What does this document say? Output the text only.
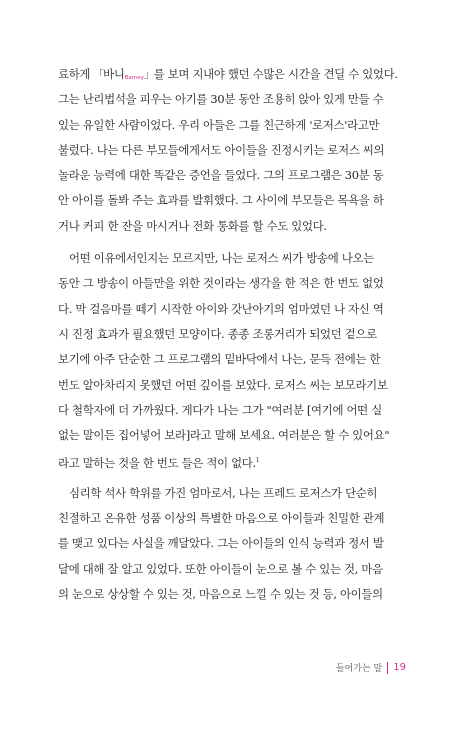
료하게 「바니Barney」를 보며 지내야 했던 수많은 시간을 견딜 수 있었다.
그는 난리법석을 피우는 아기를 30분 동안 조용히 앉아 있게 만들 수
있는 유일한 사람이었다. 우리 아들은 그를 친근하게 '로저스'라고만
불렀다. 나는 다른 부모들에게서도 아이들을 진정시키는 로저스 씨의
놀라운 능력에 대한 똑같은 증언을 들었다. 그의 프로그램은 30분 동
안 아이를 돌봐 주는 효과를 발휘했다. 그 사이에 부모들은 목욕을 하
거나 커피 한 잔을 마시거나 전화 통화를 할 수도 있었다.
어떤 이유에서인지는 모르지만, 나는 로저스 씨가 방송에 나오는
동안 그 방송이 아들만을 위한 것이라는 생각을 한 적은 한 번도 없었
다. 막 걸음마를 떼기 시작한 아이와 갓난아기의 엄마였던 나 자신 역
시 진정 효과가 필요했던 모양이다. 종종 조롱거리가 되었던 겉으로
보기에 아주 단순한 그 프로그램의 밑바닥에서 나는, 문득 전에는 한
번도 알아차리지 못했던 어떤 깊이를 보았다. 로저스 씨는 보모라기보
다 철학자에 더 가까웠다. 게다가 나는 그가 "여러분 [여기에 어떤 실
없는 말이든 집어넣어 보라]라고 말해 보세요. 여러분은 할 수 있어요"
라고 말하는 것을 한 번도 들은 적이 없다.$^1$
심리학 석사 학위를 가진 엄마로서, 나는 프레드 로저스가 단순히
친절하고 온유한 성품 이상의 특별한 마음으로 아이들과 친밀한 관계
를 맺고 있다는 사실을 깨달았다. 그는 아이들의 인식 능력과 정서 발
달에 대해 잘 알고 있었다. 또한 아이들이 눈으로 볼 수 있는 것, 마음
의 눈으로 상상할 수 있는 것, 마음으로 느낄 수 있는 것 등, 아이들의
들어가는 말 19
